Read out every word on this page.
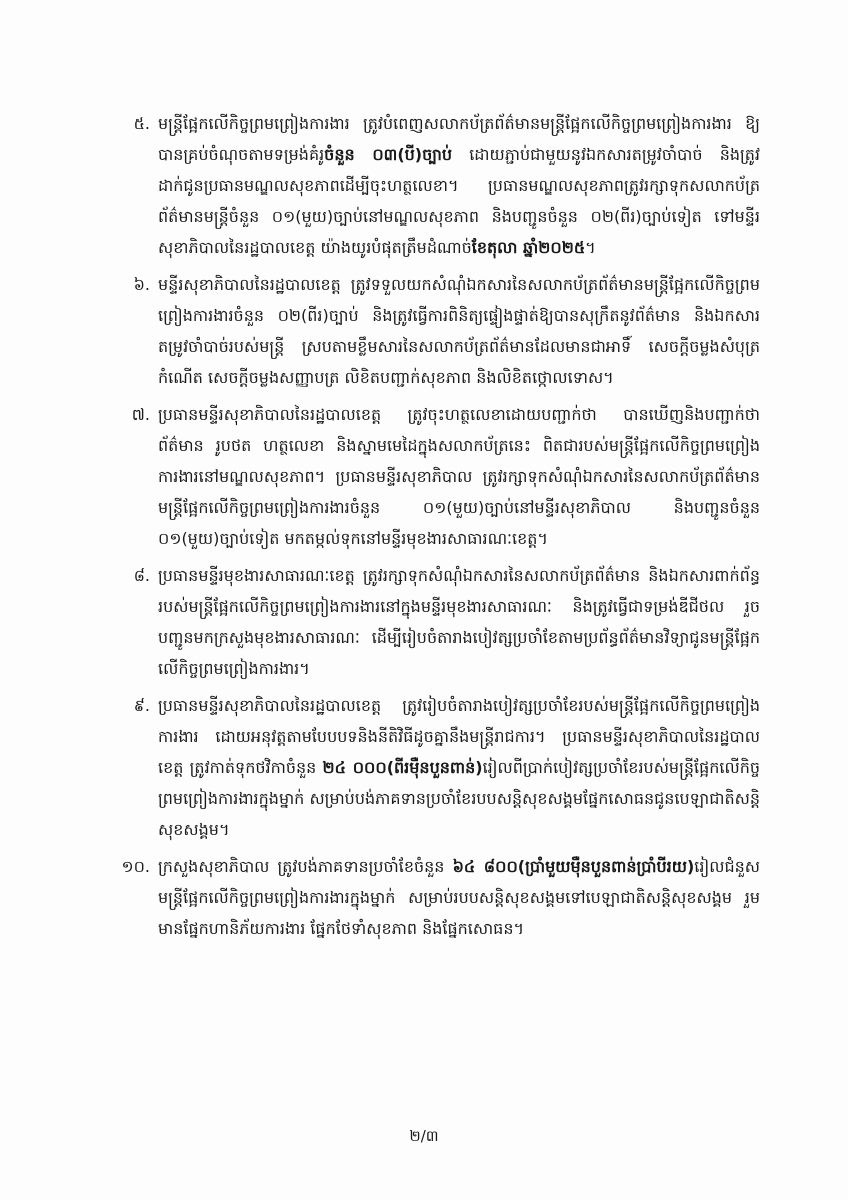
៥. មន្ត្រីផ្អែកលើកិច្ចព្រមព្រៀងការងារ ត្រូវបំពេញសលាកប័ត្រព័ត៌មានមន្ត្រីផ្អែកលើកិច្ចព្រមព្រៀងការងារ ឱ្យបានគ្រប់ចំណុចតាមទម្រង់គំរូចំនួន ០៣(បី)ច្បាប់ ដោយភ្ជាប់ជាមួយនូវឯកសារតម្រូវចាំបាច់ និងត្រូវដាក់ជូនប្រធានមណ្ឌលសុខភាពដើម្បីចុះហត្ថលេខា។ ប្រធានមណ្ឌលសុខភាពត្រូវរក្សាទុកសលាកប័ត្រព័ត៌មានមន្ត្រីចំនួន ០១(មួយ)ច្បាប់នៅមណ្ឌលសុខភាព និងបញ្ជូនចំនួន ០២(ពីរ)ច្បាប់ទៀត ទៅមន្ទីរសុខាភិបាលនៃរដ្ឋបាលខេត្ត យ៉ាងយូរបំផុតត្រឹមដំណាច់ខែតុលា ឆ្នាំ២០២៥។
៦. មន្ទីរសុខាភិបាលនៃរដ្ឋបាលខេត្ត ត្រូវទទួលយកសំណុំឯកសារនៃសលាកប័ត្រព័ត៌មានមន្ត្រីផ្អែកលើកិច្ចព្រមព្រៀងការងារចំនួន ០២(ពីរ)ច្បាប់ និងត្រូវធ្វើការពិនិត្យផ្ទៀងផ្ទាត់ឱ្យបានសុក្រឹតនូវព័ត៌មាន និងឯកសារតម្រូវចាំបាច់របស់មន្ត្រី ស្របតាមខ្លឹមសារនៃសលាកប័ត្រព័ត៌មានដែលមានជាអាទិ៍ សេចក្តីចម្លងសំបុត្រកំណើត សេចក្តីចម្លងសញ្ញាបត្រ លិខិតបញ្ជាក់សុខភាព និងលិខិតថ្កោលទោស។
៧. ប្រធានមន្ទីរសុខាភិបាលនៃរដ្ឋបាលខេត្ត ត្រូវចុះហត្ថលេខាដោយបញ្ជាក់ថា បានឃើញនិងបញ្ជាក់ថាព័ត៌មាន រូបថត ហត្ថលេខា និងស្នាមមេដៃក្នុងសលាកប័ត្រនេះ ពិតជារបស់មន្ត្រីផ្អែកលើកិច្ចព្រមព្រៀងការងារនៅមណ្ឌលសុខភាព។ ប្រធានមន្ទីរសុខាភិបាល ត្រូវរក្សាទុកសំណុំឯកសារនៃសលាកប័ត្រព័ត៌មានមន្ត្រីផ្អែកលើកិច្ចព្រមព្រៀងការងារចំនួន ០១(មួយ)ច្បាប់នៅមន្ទីរសុខាភិបាល និងបញ្ជូនចំនួន ០១(មួយ)ច្បាប់ទៀត មកតម្កល់ទុកនៅមន្ទីរមុខងារសាធារណៈខេត្ត។
៨. ប្រធានមន្ទីរមុខងារសាធារណៈខេត្ត ត្រូវរក្សាទុកសំណុំឯកសារនៃសលាកប័ត្រព័ត៌មាន និងឯកសារពាក់ព័ន្ធរបស់មន្ត្រីផ្អែកលើកិច្ចព្រមព្រៀងការងារនៅក្នុងមន្ទីរមុខងារសាធារណៈ និងត្រូវធ្វើជាទម្រង់ឌីជីថល រួចបញ្ជូនមកក្រសួងមុខងារសាធារណៈ ដើម្បីរៀបចំតារាងបៀវត្សប្រចាំខែតាមប្រព័ន្ធព័ត៌មានវិទ្យាជូនមន្ត្រីផ្អែកលើកិច្ចព្រមព្រៀងការងារ។
៩. ប្រធានមន្ទីរសុខាភិបាលនៃរដ្ឋបាលខេត្ត ត្រូវរៀបចំតារាងបៀវត្សប្រចាំខែរបស់មន្ត្រីផ្អែកលើកិច្ចព្រមព្រៀងការងារ ដោយអនុវត្តតាមបែបបទនិងនីតិវិធីដូចគ្នានឹងមន្ត្រីរាជការ។ ប្រធានមន្ទីរសុខាភិបាលនៃរដ្ឋបាលខេត្ត ត្រូវកាត់ទុកថវិកាចំនួន ២៤ ០០០(ពីរម៉ឺនបួនពាន់)រៀលពីប្រាក់បៀវត្សប្រចាំខែរបស់មន្ត្រីផ្អែកលើកិច្ចព្រមព្រៀងការងារក្នុងម្នាក់ សម្រាប់បង់ភាគទានប្រចាំខែរបបសន្តិសុខសង្គមផ្នែកសោធនជូនបេឡាជាតិសន្តិសុខសង្គម។
១០. ក្រសួងសុខាភិបាល ត្រូវបង់ភាគទានប្រចាំខែចំនួន ៦៤ ៨០០(ប្រាំមួយម៉ឺនបួនពាន់ប្រាំបីរយ)រៀលជំនួសមន្ត្រីផ្អែកលើកិច្ចព្រមព្រៀងការងារក្នុងម្នាក់ សម្រាប់របបសន្តិសុខសង្គមទៅបេឡាជាតិសន្តិសុខសង្គម រួមមានផ្នែកហានិភ័យការងារ ផ្នែកថែទាំសុខភាព និងផ្នែកសោធន។
២/៣
